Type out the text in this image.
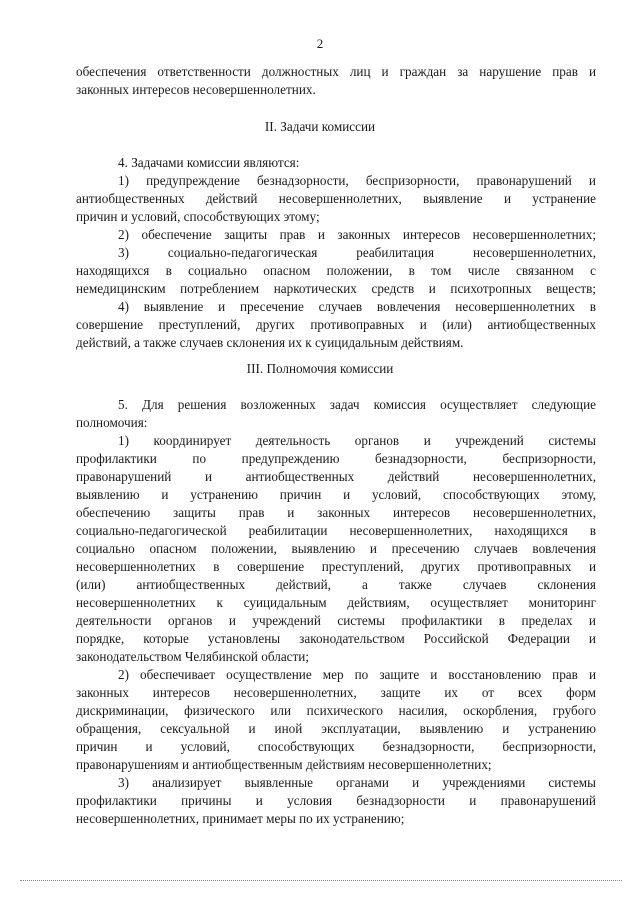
2
обеспечения ответственности должностных лиц и граждан за нарушение прав и
законных интересов несовершеннолетних.
II. Задачи комиссии
4. Задачами комиссии являются:
1) предупреждение безнадзорности, беспризорности, правонарушений и
антиобщественных действий несовершеннолетних, выявление и устранение
причин и условий, способствующих этому;
2) обеспечение защиты прав и законных интересов несовершеннолетних;
3) социально-педагогическая реабилитация несовершеннолетних,
находящихся в социально опасном положении, в том числе связанном с
немедицинским потреблением наркотических средств и психотропных веществ;
4) выявление и пресечение случаев вовлечения несовершеннолетних в
совершение преступлений, других противоправных и (или) антиобщественных
действий, а также случаев склонения их к суицидальным действиям.
III. Полномочия комиссии
5. Для решения возложенных задач комиссия осуществляет следующие
полномочия:
1) координирует деятельность органов и учреждений системы
профилактики по предупреждению безнадзорности, беспризорности,
правонарушений и антиобщественных действий несовершеннолетних,
выявлению и устранению причин и условий, способствующих этому,
обеспечению защиты прав и законных интересов несовершеннолетних,
социально-педагогической реабилитации несовершеннолетних, находящихся в
социально опасном положении, выявлению и пресечению случаев вовлечения
несовершеннолетних в совершение преступлений, других противоправных и
(или) антиобщественных действий, а также случаев склонения
несовершеннолетних к суицидальным действиям, осуществляет мониторинг
деятельности органов и учреждений системы профилактики в пределах и
порядке, которые установлены законодательством Российской Федерации и
законодательством Челябинской области;
2) обеспечивает осуществление мер по защите и восстановлению прав и
законных интересов несовершеннолетних, защите их от всех форм
дискриминации, физического или психического насилия, оскорбления, грубого
обращения, сексуальной и иной эксплуатации, выявлению и устранению
причин и условий, способствующих безнадзорности, беспризорности,
правонарушениям и антиобщественным действиям несовершеннолетних;
3) анализирует выявленные органами и учреждениями системы
профилактики причины и условия безнадзорности и правонарушений
несовершеннолетних, принимает меры по их устранению;
